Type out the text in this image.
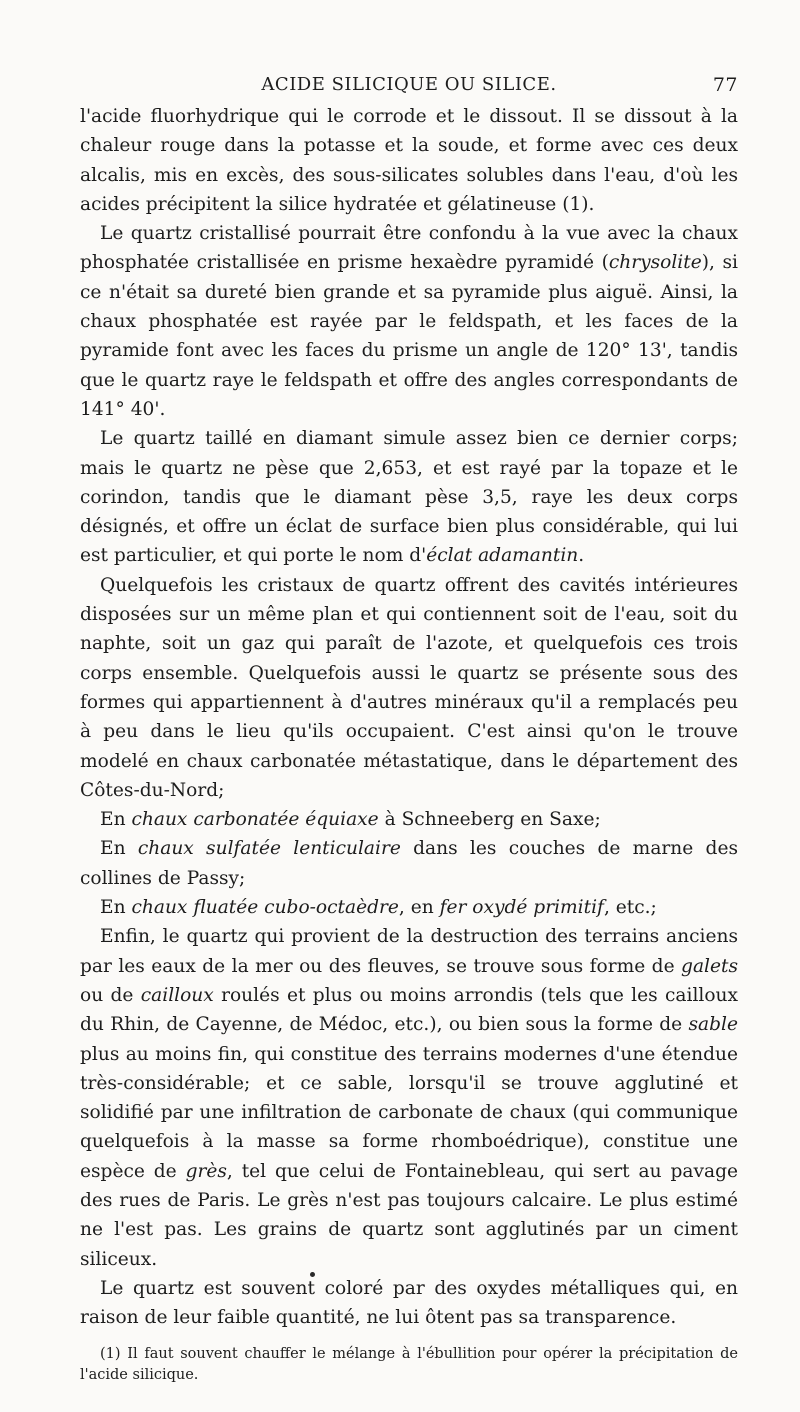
ACIDE SILICIQUE OU SILICE.	77

l'acide fluorhydrique qui le corrode et le dissout. Il se dissout à la chaleur rouge dans la potasse et la soude, et forme avec ces deux alcalis, mis en excès, des sous-silicates solubles dans l'eau, d'où les acides précipitent la silice hydratée et gélatineuse (1).

Le quartz cristallisé pourrait être confondu à la vue avec la chaux phosphatée cristallisée en prisme hexaèdre pyramidé (chrysolite), si ce n'était sa dureté bien grande et sa pyramide plus aiguë. Ainsi, la chaux phosphatée est rayée par le feldspath, et les faces de la pyramide font avec les faces du prisme un angle de 120° 13', tandis que le quartz raye le feldspath et offre des angles correspondants de 141° 40'.

Le quartz taillé en diamant simule assez bien ce dernier corps; mais le quartz ne pèse que 2,653, et est rayé par la topaze et le corindon, tandis que le diamant pèse 3,5, raye les deux corps désignés, et offre un éclat de surface bien plus considérable, qui lui est particulier, et qui porte le nom d'éclat adamantin.

Quelquefois les cristaux de quartz offrent des cavités intérieures disposées sur un même plan et qui contiennent soit de l'eau, soit du naphte, soit un gaz qui paraît de l'azote, et quelquefois ces trois corps ensemble. Quelquefois aussi le quartz se présente sous des formes qui appartiennent à d'autres minéraux qu'il a remplacés peu à peu dans le lieu qu'ils occupaient. C'est ainsi qu'on le trouve modelé en chaux carbonatée métastatique, dans le département des Côtes-du-Nord;

En chaux carbonatée équiaxe à Schneeberg en Saxe;

En chaux sulfatée lenticulaire dans les couches de marne des collines de Passy;

En chaux fluatée cubo-octaèdre, en fer oxydé primitif, etc.;

Enfin, le quartz qui provient de la destruction des terrains anciens par les eaux de la mer ou des fleuves, se trouve sous forme de galets ou de cailloux roulés et plus ou moins arrondis (tels que les cailloux du Rhin, de Cayenne, de Médoc, etc.), ou bien sous la forme de sable plus au moins fin, qui constitue des terrains modernes d'une étendue très-considérable; et ce sable, lorsqu'il se trouve agglutiné et solidifié par une infiltration de carbonate de chaux (qui communique quelquefois à la masse sa forme rhomboédrique), constitue une espèce de grès, tel que celui de Fontainebleau, qui sert au pavage des rues de Paris. Le grès n'est pas toujours calcaire. Le plus estimé ne l'est pas. Les grains de quartz sont agglutinés par un ciment siliceux.

Le quartz est souvent coloré par des oxydes métalliques qui, en raison de leur faible quantité, ne lui ôtent pas sa transparence.

(1) Il faut souvent chauffer le mélange à l'ébullition pour opérer la précipitation de l'acide silicique.
